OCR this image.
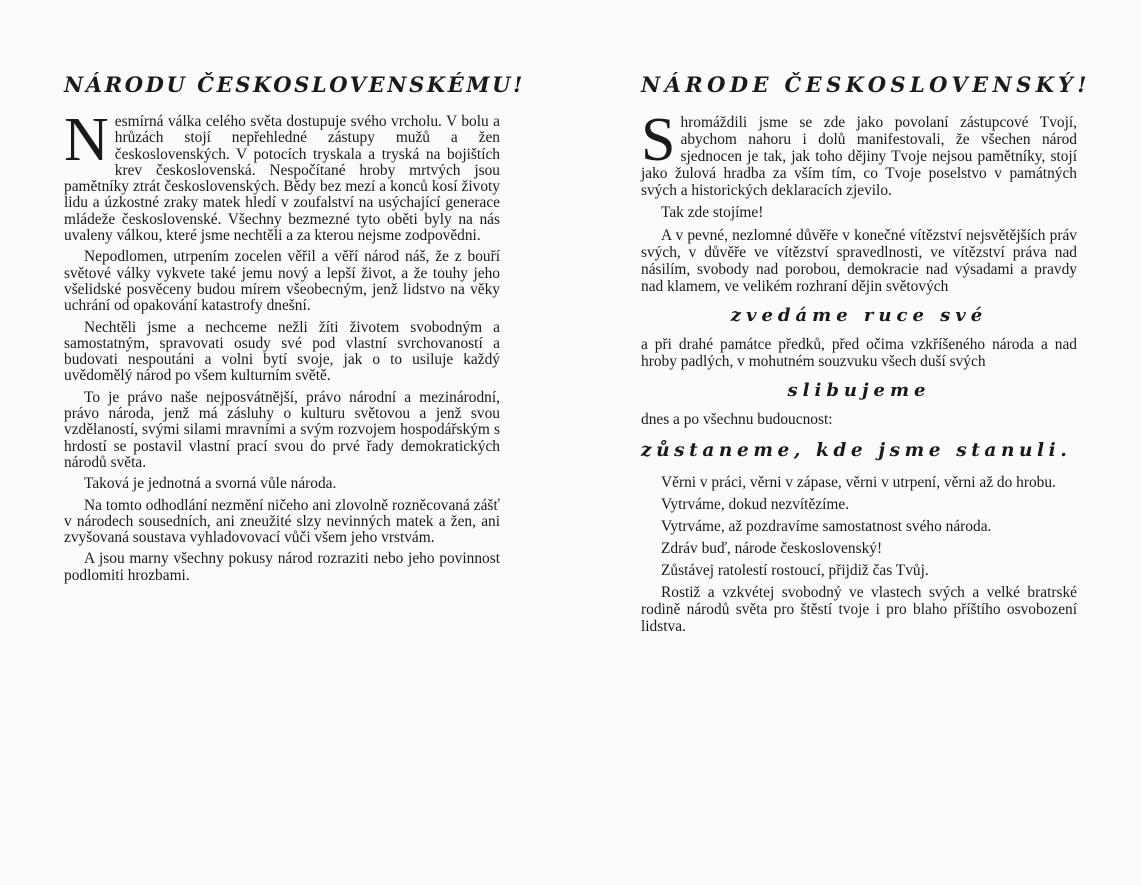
NÁRODU ČESKOSLOVENSKÉMU!

Nesmírná válka celého světa dostupuje svého vrcholu. V bolu a hrůzách stojí nepřehledné zástupy mužů a žen československých. V potocích tryskala a tryská na bojištích krev československá. Nespočítané hroby mrtvých jsou pamětníky ztrát československých. Bědy bez mezí a konců kosí životy lidu a úzkostné zraky matek hledí v zoufalství na usýchající generace mládeže československé. Všechny bezmezné tyto oběti byly na nás uvaleny válkou, které jsme nechtěli a za kterou nejsme zodpovědni.

Nepodlomen, utrpením zocelen věřil a věří národ náš, že z bouří světové války vykvete také jemu nový a lepší život, a že touhy jeho všelidské posvěceny budou mírem všeobecným, jenž lidstvo na věky uchrání od opakování katastrofy dnešní.

Nechtěli jsme a nechceme nežli žíti životem svobodným a samostatným, spravovati osudy své pod vlastní svrchovaností a budovati nespoutáni a volni bytí svoje, jak o to usiluje každý uvědomělý národ po všem kulturním světě.

To je právo naše nejposvátnější, právo národní a mezinárodní, právo národa, jenž má zásluhy o kulturu světovou a jenž svou vzdělaností, svými silami mravními a svým rozvojem hospodářským s hrdostí se postavil vlastní prací svou do prvé řady demokratických národů světa.

Taková je jednotná a svorná vůle národa.

Na tomto odhodlání nezmění ničeho ani zlovolně rozněcovaná zášť v národech sousedních, ani zneužité slzy nevinných matek a žen, ani zvyšovaná soustava vyhladovovací vůči všem jeho vrstvám.

A jsou marny všechny pokusy národ rozraziti nebo jeho povinnost podlomiti hrozbami.

NÁRODE ČESKOSLOVENSKÝ!

Shromáždili jsme se zde jako povolaní zástupcové Tvojí, abychom nahoru i dolů manifestovali, že všechen národ sjednocen je tak, jak toho dějiny Tvoje nejsou pamětníky, stojí jako žulová hradba za vším tím, co Tvoje poselstvo v památných svých a historických deklaracích zjevilo.

Tak zde stojíme!

A v pevné, nezlomné důvěře v konečné vítězství nejsvětějších práv svých, v důvěře ve vítězství spravedlnosti, ve vítězství práva nad násilím, svobody nad porobou, demokracie nad výsadami a pravdy nad klamem, ve velikém rozhraní dějin světových

zvedáme ruce své

a při drahé památce předků, před očima vzkříšeného národa a nad hroby padlých, v mohutném souzvuku všech duší svých

slibujeme

dnes a po všechnu budoucnost:

zůstaneme, kde jsme stanuli.

Věrni v práci, věrni v zápase, věrni v utrpení, věrni až do hrobu.

Vytrváme, dokud nezvítězíme.

Vytrváme, až pozdravíme samostatnost svého národa.

Zdráv buď, národe československý!

Zůstávej ratolestí rostoucí, přijdiž čas Tvůj.

Rostiž a vzkvétej svobodný ve vlastech svých a velké bratrské rodině národů světa pro štěstí tvoje i pro blaho příštího osvobození lidstva.
